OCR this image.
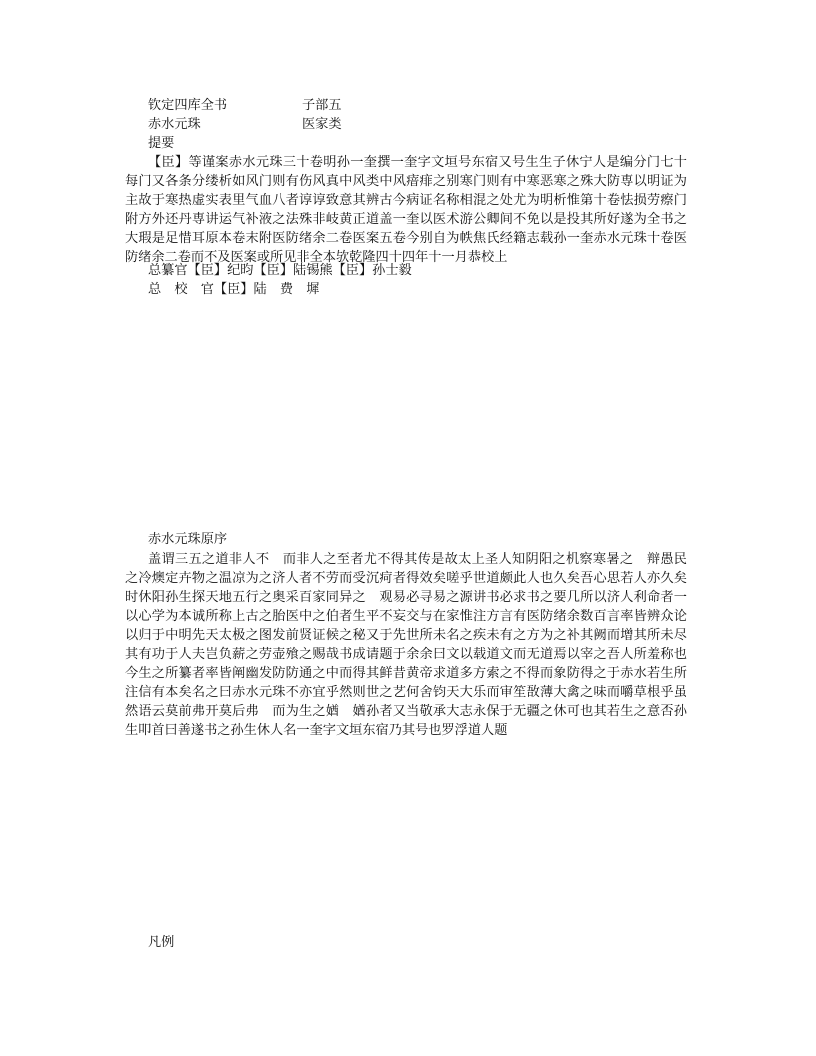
钦定四库全书	子部五
赤水元珠	医家类
提要

【臣】等谨案赤水元珠三十卷明孙一奎撰一奎字文垣号东宿又号生生子休宁人是编分门七十每门又各条分缕析如风门则有伤风真中风类中风瘖痱之别寒门则有中寒恶寒之殊大防専以明证为主故于寒热虚实表里气血八者谆谆致意其辨古今病证名称相混之处尤为明析惟第十卷怯损劳瘵门附方外还丹専讲运气补液之法殊非岐黄正道盖一奎以医术游公卿间不免以是投其所好遂为全书之大瑕是足惜耳原本卷末附医防绪余二卷医案五卷今别自为帙焦氏经籍志载孙一奎赤水元珠十卷医防绪余二卷而不及医案或所见非全本欤乾隆四十四年十一月恭校上

总纂官【臣】纪昀【臣】陆锡熊【臣】孙士毅
总　校　官【臣】陆　费　墀
赤水元珠原序

盖谓三五之道非人不　而非人之至者尤不得其传是故太上圣人知阴阳之机察寒暑之　辩愚民之冷燠定卉物之温凉为之济人者不劳而受沉疴者得效矣嗟乎世道颇此人也久矣吾心思若人亦久矣时休阳孙生探天地五行之奥采百家同异之　观易必寻易之源讲书必求书之要几所以济人利命者一以心学为本诚所称上古之胎医中之伯者生平不妄交与在家惟注方言有医防绪余数百言率皆辨众论以归于中明先天太极之图发前贤证候之秘又于先世所未名之疾未有之方为之补其阙而增其所未尽其有功于人夫岂负薪之劳壶飱之赐哉书成请题于余余曰文以载道文而无道焉以宰之吾人所羞称也今生之所纂者率皆阐幽发防防通之中而得其鲜昔黄帝求道多方索之不得而象防得之于赤水若生所注信有本矣名之曰赤水元珠不亦宜乎然则世之艺何舍钧天大乐而审笙敔薄大禽之味而嚼草根乎虽然语云莫前弗开莫后弗　而为生之媨　媨孙者又当敬承大志永保于无疆之休可也其若生之意否孙生叩首曰善遂书之孙生休人名一奎字文垣东宿乃其号也罗浮道人题

凡例
